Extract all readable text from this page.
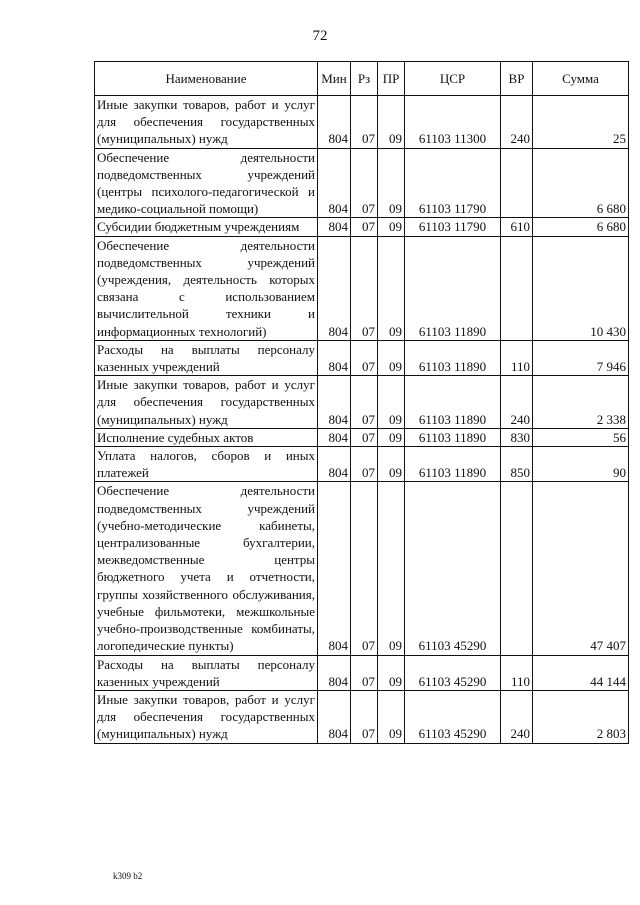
72
Наименование	Мин	Рз	ПР	ЦСР	ВР	Сумма
Иные закупки товаров, работ и услуг для обеспечения государственных (муниципальных) нужд	804	07	09	61103 11300	240	25
Обеспечение деятельности подведомственных учреждений (центры психолого-педагогической и медико-социальной помощи)	804	07	09	61103 11790		6 680
Субсидии бюджетным учреждениям	804	07	09	61103 11790	610	6 680
Обеспечение деятельности подведомственных учреждений (учреждения, деятельность которых связана с использованием вычислительной техники и информационных технологий)	804	07	09	61103 11890		10 430
Расходы на выплаты персоналу казенных учреждений	804	07	09	61103 11890	110	7 946
Иные закупки товаров, работ и услуг для обеспечения государственных (муниципальных) нужд	804	07	09	61103 11890	240	2 338
Исполнение судебных актов	804	07	09	61103 11890	830	56
Уплата налогов, сборов и иных платежей	804	07	09	61103 11890	850	90
Обеспечение деятельности подведомственных учреждений (учебно-методические кабинеты, централизованные бухгалтерии, межведомственные центры бюджетного учета и отчетности, группы хозяйственного обслуживания, учебные фильмотеки, межшкольные учебно-производственные комбинаты, логопедические пункты)	804	07	09	61103 45290		47 407
Расходы на выплаты персоналу казенных учреждений	804	07	09	61103 45290	110	44 144
Иные закупки товаров, работ и услуг для обеспечения государственных (муниципальных) нужд	804	07	09	61103 45290	240	2 803
k309 b2
